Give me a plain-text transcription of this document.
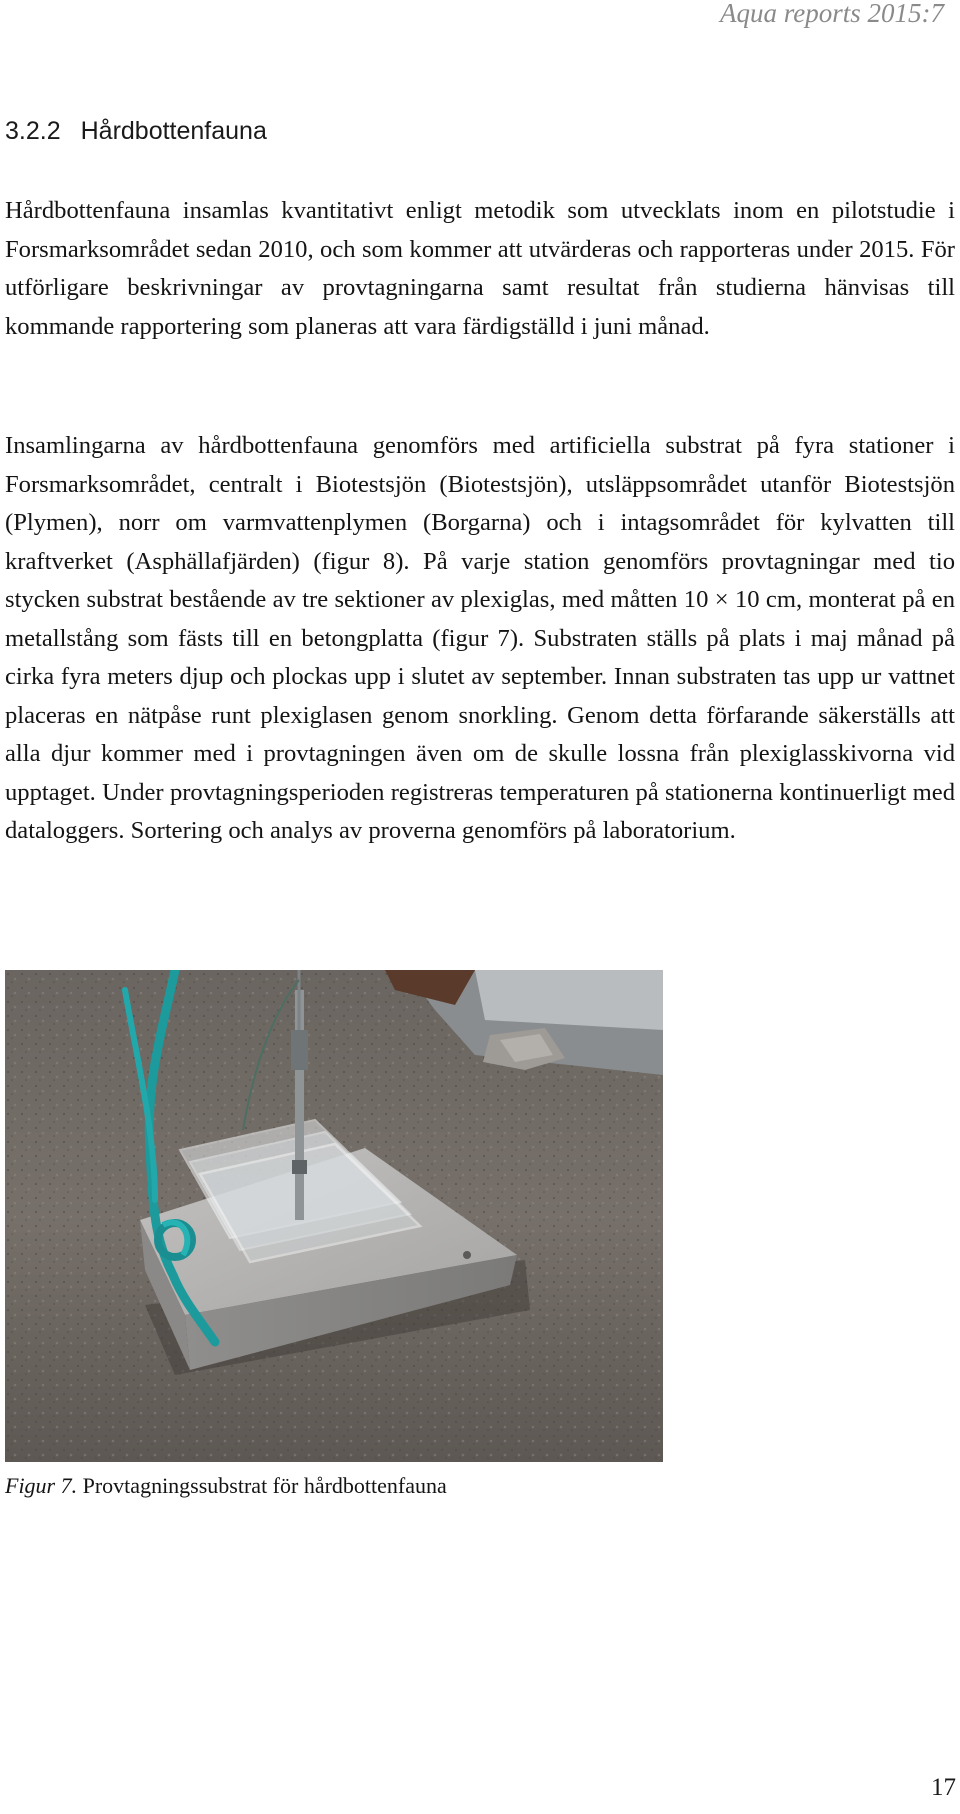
Aqua reports 2015:7
3.2.2 Hårdbottenfauna

Hårdbottenfauna insamlas kvantitativt enligt metodik som utvecklats inom en pilotstudie i Forsmarksområdet sedan 2010, och som kommer att utvärderas och rapporteras under 2015. För utförligare beskrivningar av provtagningarna samt resultat från studierna hänvisas till kommande rapportering som planeras att vara färdigställd i juni månad.

Insamlingarna av hårdbottenfauna genomförs med artificiella substrat på fyra stationer i Forsmarksområdet, centralt i Biotestsjön (Biotestsjön), utsläppsområdet utanför Biotestsjön (Plymen), norr om varmvattenplymen (Borgarna) och i intagsområdet för kylvatten till kraftverket (Asphällafjärden) (figur 8). På varje station genomförs provtagningar med tio stycken substrat bestående av tre sektioner av plexiglas, med måtten 10 × 10 cm, monterat på en metallstång som fästs till en betongplatta (figur 7). Substraten ställs på plats i maj månad på cirka fyra meters djup och plockas upp i slutet av september. Innan substraten tas upp ur vattnet placeras en nätpåse runt plexiglasen genom snorkling. Genom detta förfarande säkerställs att alla djur kommer med i provtagningen även om de skulle lossna från plexiglasskivorna vid upptaget. Under provtagningsperioden registreras temperaturen på stationerna kontinuerligt med dataloggers. Sortering och analys av proverna genomförs på laboratorium.

Figur 7. Provtagningssubstrat för hårdbottenfauna
17
